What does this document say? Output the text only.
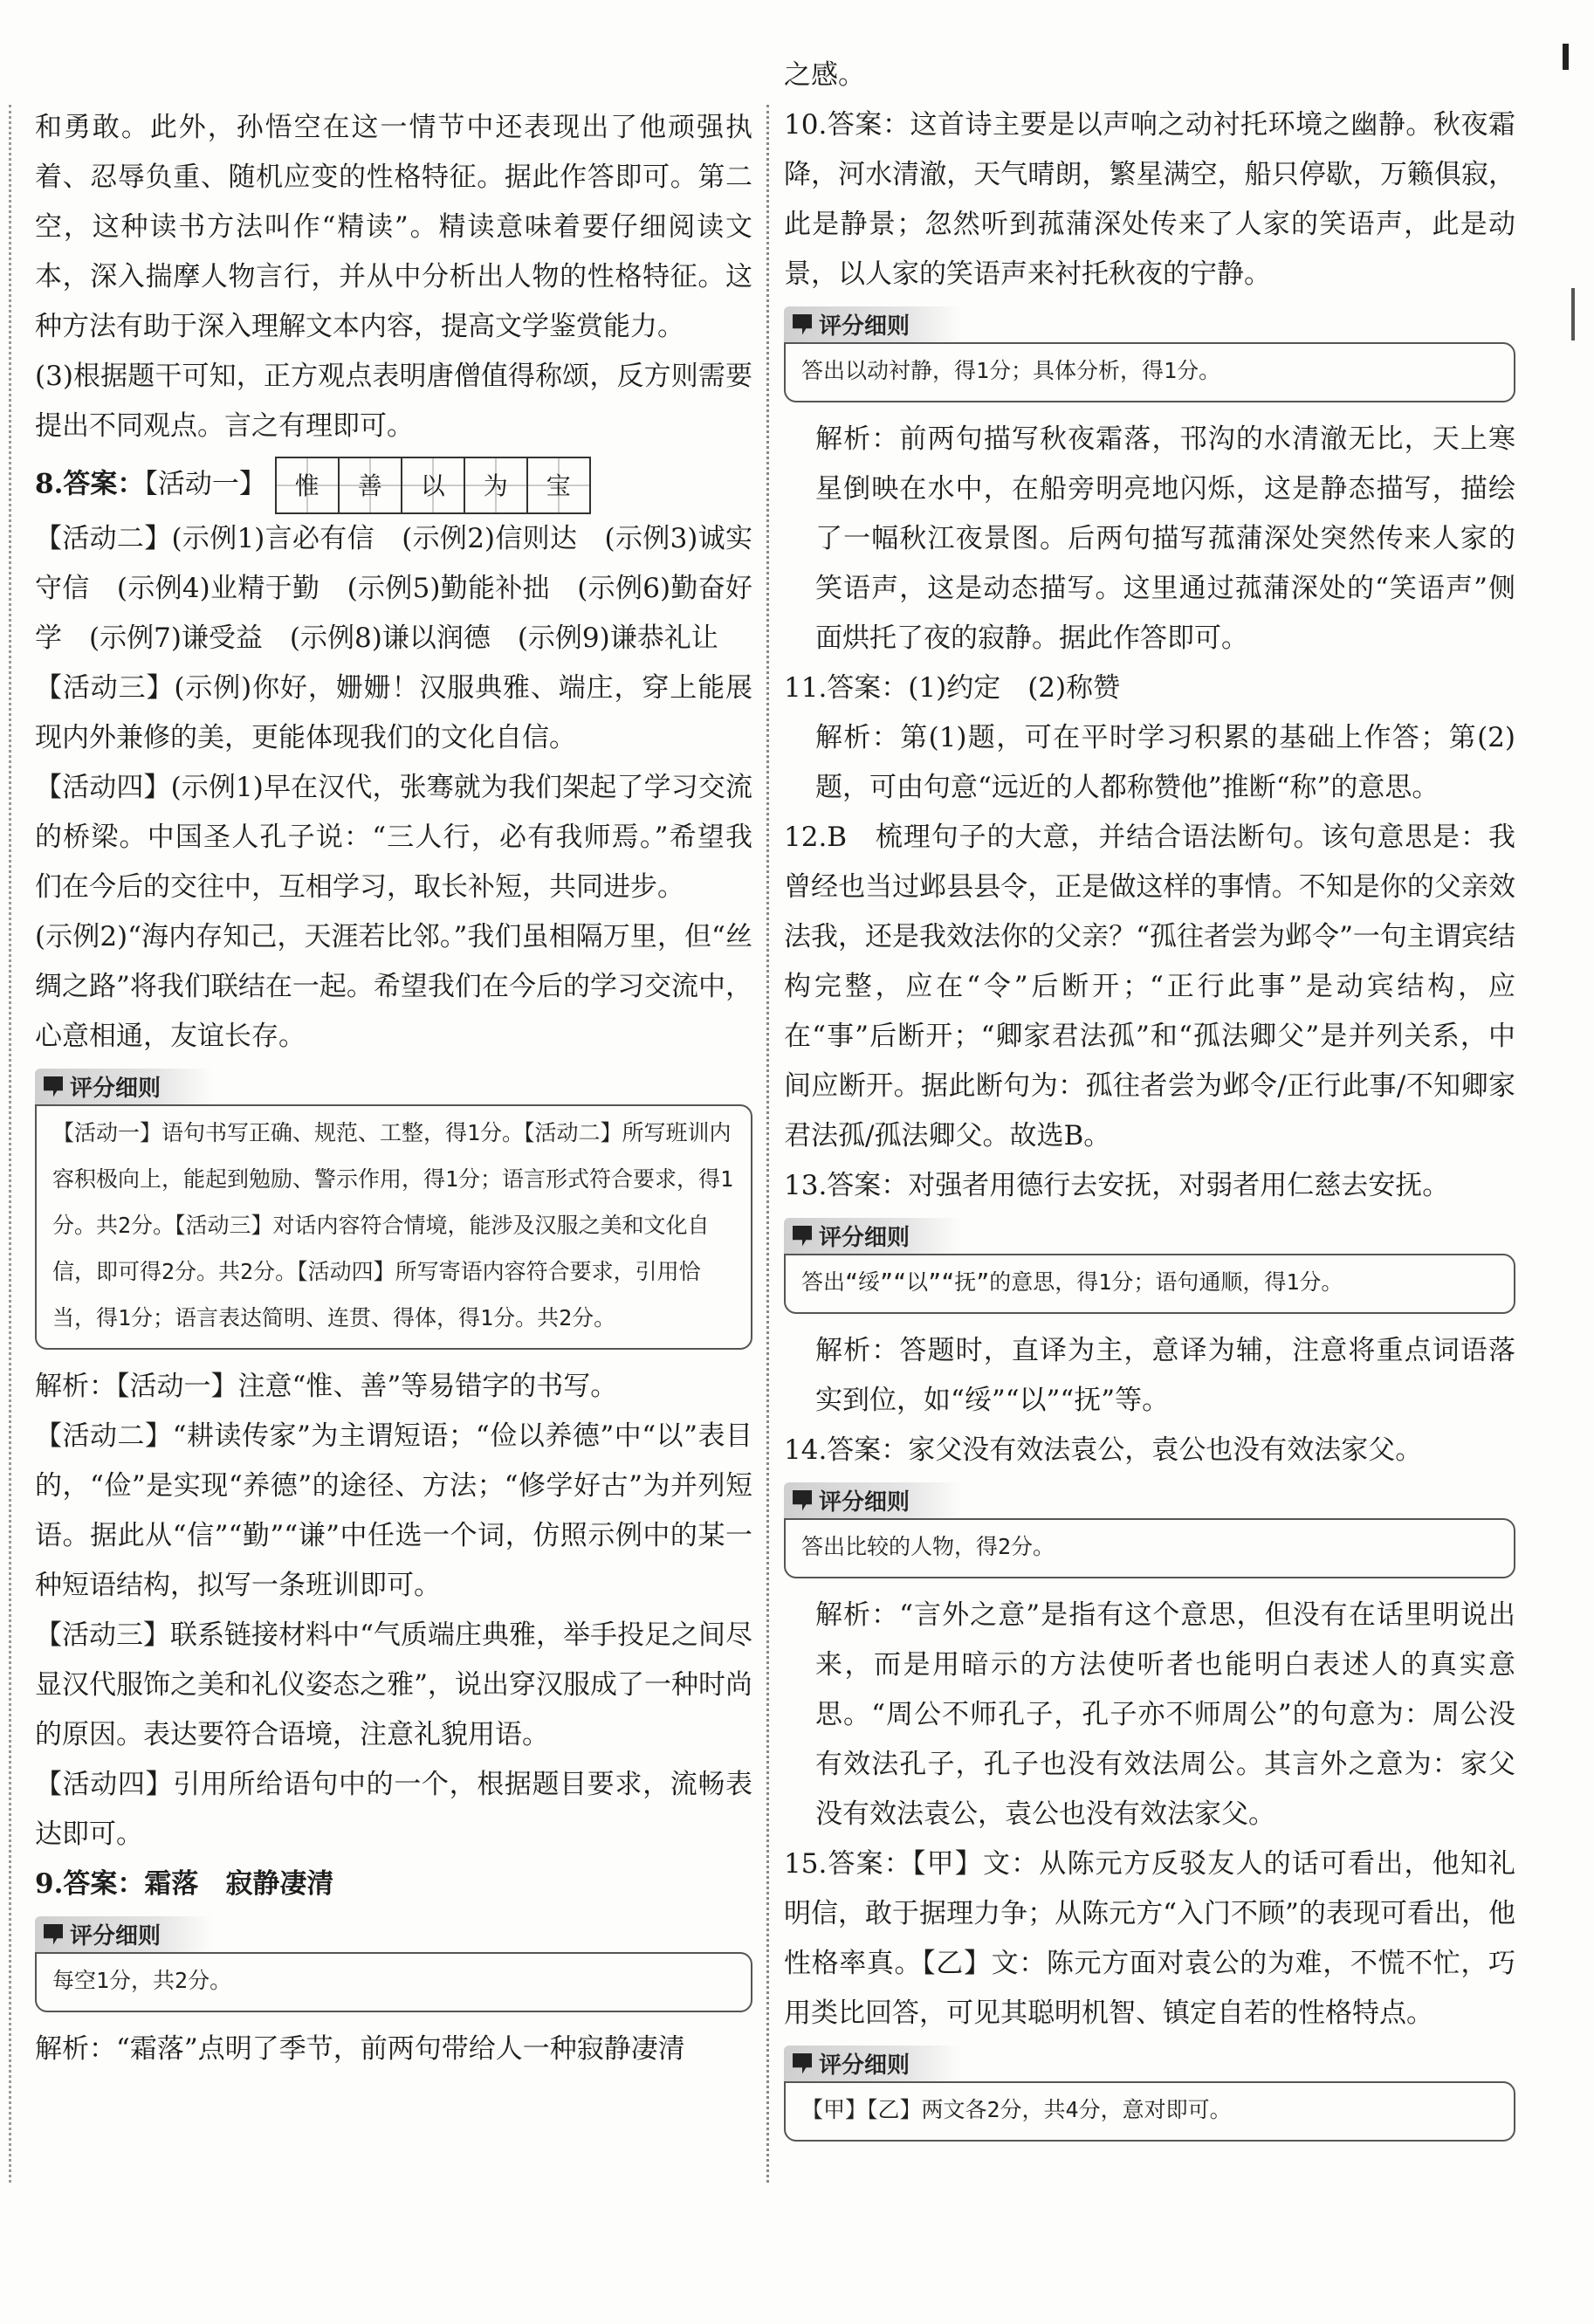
和勇敢。此外，孙悟空在这一情节中还表现出了他顽强执着、忍辱负重、随机应变的性格特征。据此作答即可。第二空，这种读书方法叫作“精读”。精读意味着要仔细阅读文本，深入揣摩人物言行，并从中分析出人物的性格特征。这种方法有助于深入理解文本内容，提高文学鉴赏能力。

(3)根据题干可知，正方观点表明唐僧值得称颂，反方则需要提出不同观点。言之有理即可。

8.答案：【活动一】	惟	善	以	为	宝

【活动二】(示例1)言必有信　(示例2)信则达　(示例3)诚实守信　(示例4)业精于勤　(示例5)勤能补拙　(示例6)勤奋好学　(示例7)谦受益　(示例8)谦以润德　(示例9)谦恭礼让

【活动三】(示例)你好，姗姗！汉服典雅、端庄，穿上能展现内外兼修的美，更能体现我们的文化自信。

【活动四】(示例1)早在汉代，张骞就为我们架起了学习交流的桥梁。中国圣人孔子说：“三人行，必有我师焉。”希望我们在今后的交往中，互相学习，取长补短，共同进步。

(示例2)“海内存知己，天涯若比邻。”我们虽相隔万里，但“丝绸之路”将我们联结在一起。希望我们在今后的学习交流中，心意相通，友谊长存。

评分细则
【活动一】语句书写正确、规范、工整，得1分。【活动二】所写班训内容积极向上，能起到勉励、警示作用，得1分；语言形式符合要求，得1分。共2分。【活动三】对话内容符合情境，能涉及汉服之美和文化自信，即可得2分。共2分。【活动四】所写寄语内容符合要求，引用恰当，得1分；语言表达简明、连贯、得体，得1分。共2分。

解析：【活动一】注意“惟、善”等易错字的书写。

【活动二】“耕读传家”为主谓短语；“俭以养德”中“以”表目的，“俭”是实现“养德”的途径、方法；“修学好古”为并列短语。据此从“信”“勤”“谦”中任选一个词，仿照示例中的某一种短语结构，拟写一条班训即可。

【活动三】联系链接材料中“气质端庄典雅，举手投足之间尽显汉代服饰之美和礼仪姿态之雅”，说出穿汉服成了一种时尚的原因。表达要符合语境，注意礼貌用语。

【活动四】引用所给语句中的一个，根据题目要求，流畅表达即可。

9.答案：霜落　寂静凄清

评分细则
每空1分，共2分。

解析：“霜落”点明了季节，前两句带给人一种寂静凄清

之感。

10.答案：这首诗主要是以声响之动衬托环境之幽静。秋夜霜降，河水清澈，天气晴朗，繁星满空，船只停歇，万籁俱寂，此是静景；忽然听到菰蒲深处传来了人家的笑语声，此是动景，以人家的笑语声来衬托秋夜的宁静。

评分细则
答出以动衬静，得1分；具体分析，得1分。

解析：前两句描写秋夜霜落，邗沟的水清澈无比，天上寒星倒映在水中，在船旁明亮地闪烁，这是静态描写，描绘了一幅秋江夜景图。后两句描写菰蒲深处突然传来人家的笑语声，这是动态描写。这里通过菰蒲深处的“笑语声”侧面烘托了夜的寂静。据此作答即可。

11.答案：(1)约定　(2)称赞

解析：第(1)题，可在平时学习积累的基础上作答；第(2)题，可由句意“远近的人都称赞他”推断“称”的意思。

12.B　梳理句子的大意，并结合语法断句。该句意思是：我曾经也当过邺县县令，正是做这样的事情。不知是你的父亲效法我，还是我效法你的父亲？“孤往者尝为邺令”一句主谓宾结构完整，应在“令”后断开；“正行此事”是动宾结构，应在“事”后断开；“卿家君法孤”和“孤法卿父”是并列关系，中间应断开。据此断句为：孤往者尝为邺令/正行此事/不知卿家君法孤/孤法卿父。故选B。

13.答案：对强者用德行去安抚，对弱者用仁慈去安抚。

评分细则
答出“绥”“以”“抚”的意思，得1分；语句通顺，得1分。

解析：答题时，直译为主，意译为辅，注意将重点词语落实到位，如“绥”“以”“抚”等。

14.答案：家父没有效法袁公，袁公也没有效法家父。

评分细则
答出比较的人物，得2分。

解析：“言外之意”是指有这个意思，但没有在话里明说出来，而是用暗示的方法使听者也能明白表述人的真实意思。“周公不师孔子，孔子亦不师周公”的句意为：周公没有效法孔子，孔子也没有效法周公。其言外之意为：家父没有效法袁公，袁公也没有效法家父。

15.答案：【甲】文：从陈元方反驳友人的话可看出，他知礼明信，敢于据理力争；从陈元方“入门不顾”的表现可看出，他性格率真。【乙】文：陈元方面对袁公的为难，不慌不忙，巧用类比回答，可见其聪明机智、镇定自若的性格特点。

评分细则
【甲】【乙】两文各2分，共4分，意对即可。
